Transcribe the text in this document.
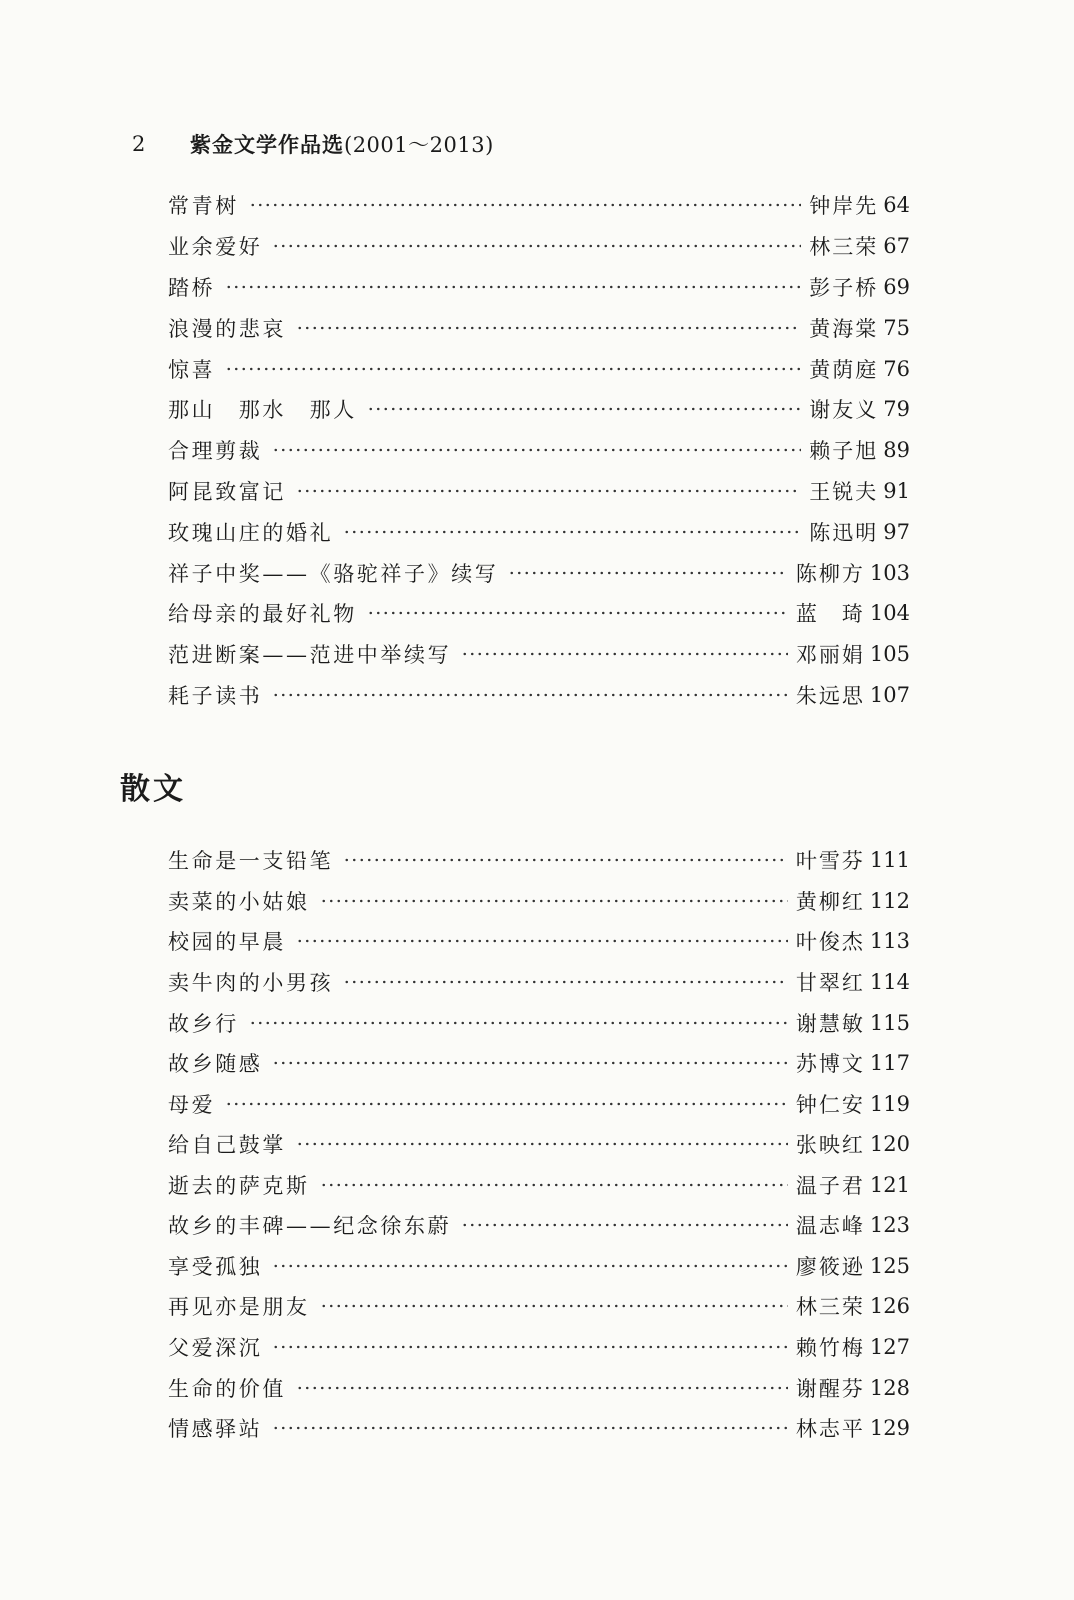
2	紫金文学作品选 (2001～2013)
常青树	钟岸先 64
业余爱好	林三荣 67
踏桥	彭子桥 69
浪漫的悲哀	黄海棠 75
惊喜	黄荫庭 76
那山　那水　那人	谢友义 79
合理剪裁	赖子旭 89
阿昆致富记	王锐夫 91
玫瑰山庄的婚礼	陈迅明 97
祥子中奖——《骆驼祥子》续写	陈柳方 103
给母亲的最好礼物	蓝　琦 104
范进断案——范进中举续写	邓丽娟 105
耗子读书	朱远思 107
散文
生命是一支铅笔	叶雪芬 111
卖菜的小姑娘	黄柳红 112
校园的早晨	叶俊杰 113
卖牛肉的小男孩	甘翠红 114
故乡行	谢慧敏 115
故乡随感	苏博文 117
母爱	钟仁安 119
给自己鼓掌	张映红 120
逝去的萨克斯	温子君 121
故乡的丰碑——纪念徐东蔚	温志峰 123
享受孤独	廖筱逊 125
再见亦是朋友	林三荣 126
父爱深沉	赖竹梅 127
生命的价值	谢醒芬 128
情感驿站	林志平 129
